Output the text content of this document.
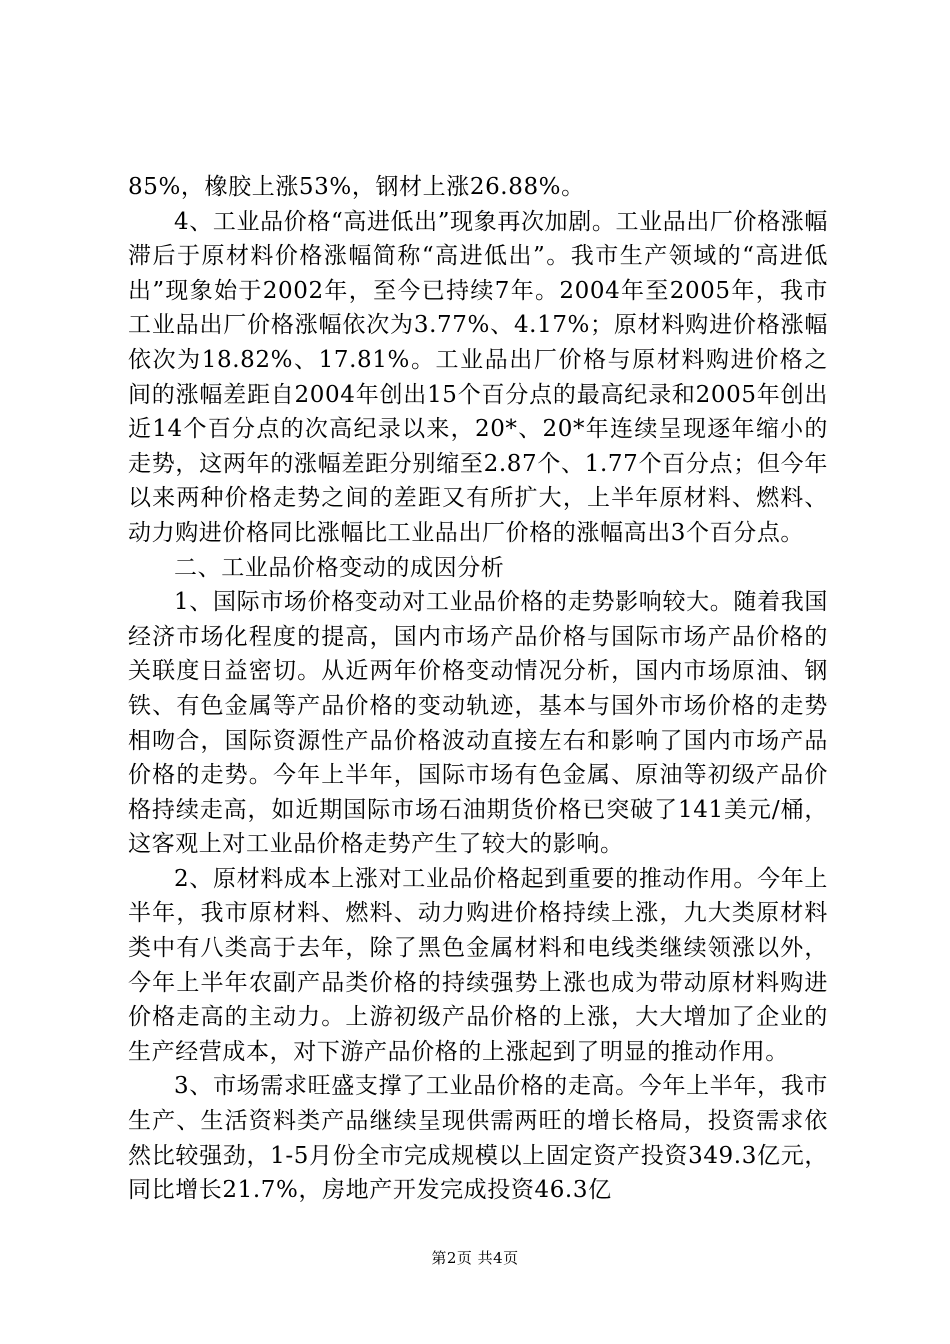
85%，橡胶上涨53%，钢材上涨26.88%。

4、工业品价格“高进低出”现象再次加剧。工业品出厂价格涨幅滞后于原材料价格涨幅简称“高进低出”。我市生产领域的“高进低出”现象始于2002年，至今已持续7年。2004年至2005年，我市工业品出厂价格涨幅依次为3.77%、4.17%；原材料购进价格涨幅依次为18.82%、17.81%。工业品出厂价格与原材料购进价格之间的涨幅差距自2004年创出15个百分点的最高纪录和2005年创出近14个百分点的次高纪录以来，20*、20*年连续呈现逐年缩小的走势，这两年的涨幅差距分别缩至2.87个、1.77个百分点；但今年以来两种价格走势之间的差距又有所扩大，上半年原材料、燃料、动力购进价格同比涨幅比工业品出厂价格的涨幅高出3个百分点。

二、工业品价格变动的成因分析

1、国际市场价格变动对工业品价格的走势影响较大。随着我国经济市场化程度的提高，国内市场产品价格与国际市场产品价格的关联度日益密切。从近两年价格变动情况分析，国内市场原油、钢铁、有色金属等产品价格的变动轨迹，基本与国外市场价格的走势相吻合，国际资源性产品价格波动直接左右和影响了国内市场产品价格的走势。今年上半年，国际市场有色金属、原油等初级产品价格持续走高，如近期国际市场石油期货价格已突破了141美元/桶，这客观上对工业品价格走势产生了较大的影响。

2、原材料成本上涨对工业品价格起到重要的推动作用。今年上半年，我市原材料、燃料、动力购进价格持续上涨，九大类原材料类中有八类高于去年，除了黑色金属材料和电线类继续领涨以外，今年上半年农副产品类价格的持续强势上涨也成为带动原材料购进价格走高的主动力。上游初级产品价格的上涨，大大增加了企业的生产经营成本，对下游产品价格的上涨起到了明显的推动作用。

3、市场需求旺盛支撑了工业品价格的走高。今年上半年，我市生产、生活资料类产品继续呈现供需两旺的增长格局，投资需求依然比较强劲，1-5月份全市完成规模以上固定资产投资349.3亿元，同比增长21.7%，房地产开发完成投资46.3亿

第2页 共4页
